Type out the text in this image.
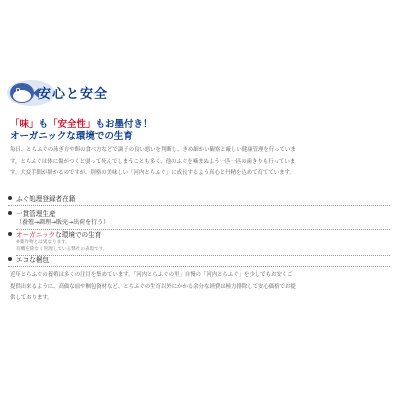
安心と安全
「味」も「安全性」もお墨付き！
オーガニックな環境での生育

毎日、とらふぐの泳ぎ方や餌の食べ方などで調子の良い悪いを判断し、きめ細かい観察と厳しい健康管理を行っていま

す。とらふぐは体に傷がつくと弱って死んでしまうことも多く、他のふぐを噛まぬよう一匹一匹の歯きりも行っていま

す。大変手間が掛かるのですが、別格の美味しい「河内とらふぐ」に成長するよう真心と丹精を込めて育てています。

ふぐ処理登録者在籍
一貫管理生産
（養殖→調理→販売→出荷を行う）
オーガニック な環境での生育
※薬作物とは異なります。
有機を除なく管理している弊社の表現です。
エコな梱包

近年とらふぐの養殖は多くの注目を集めています。「河内とらふぐの里」自慢の「河内とらふぐ」を少しでもお安くご

提供出来るように、高価な皿や梱包資材など、とらふぐの生育以外にかかる余分な経費は極力排除して安心価格でお提

供しております。
